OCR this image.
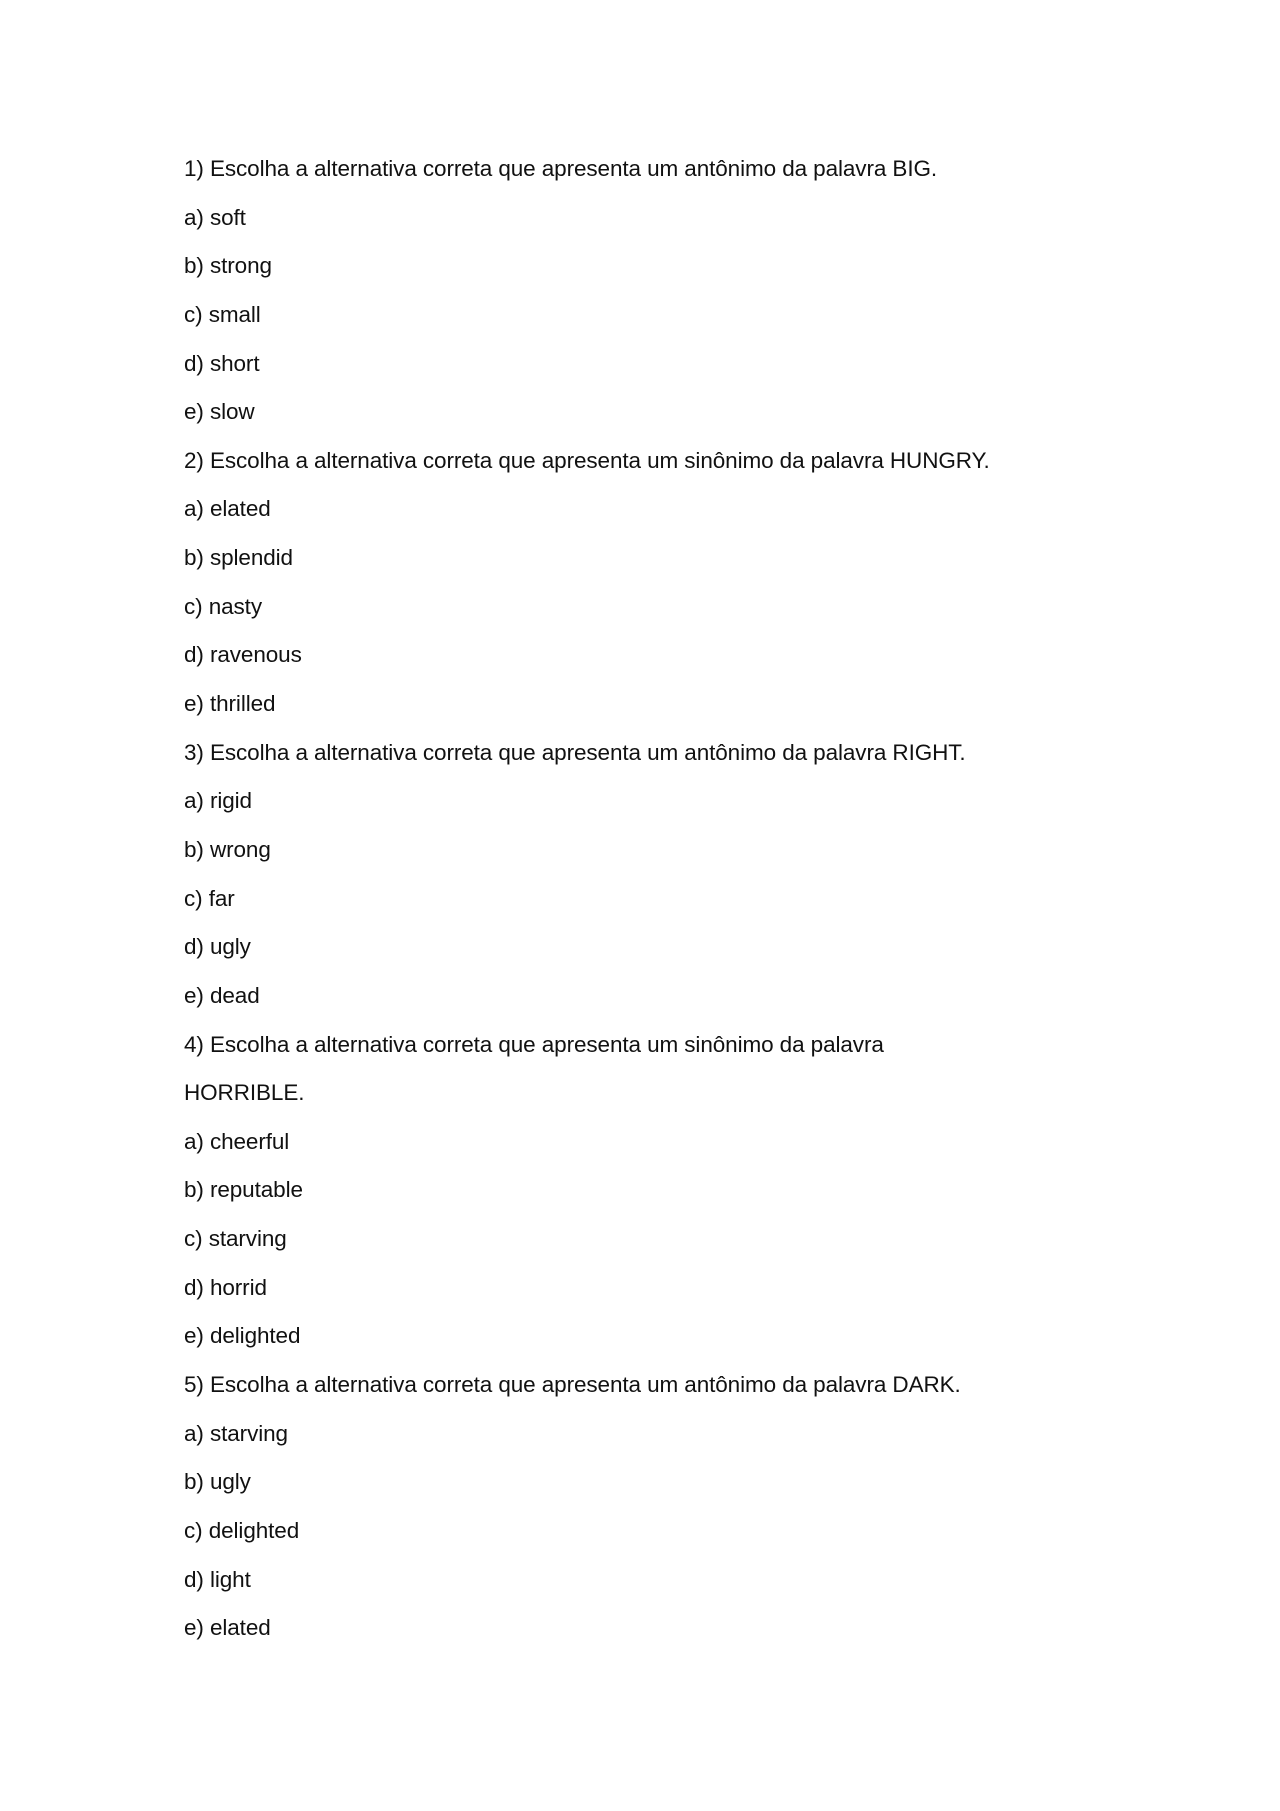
1) Escolha a alternativa correta que apresenta um antônimo da palavra BIG.
a) soft
b) strong
c) small
d) short
e) slow
2) Escolha a alternativa correta que apresenta um sinônimo da palavra HUNGRY.
a) elated
b) splendid
c) nasty
d) ravenous
e) thrilled
3) Escolha a alternativa correta que apresenta um antônimo da palavra RIGHT.
a) rigid
b) wrong
c) far
d) ugly
e) dead
4) Escolha a alternativa correta que apresenta um sinônimo da palavra
HORRIBLE.
a) cheerful
b) reputable
c) starving
d) horrid
e) delighted
5) Escolha a alternativa correta que apresenta um antônimo da palavra DARK.
a) starving
b) ugly
c) delighted
d) light
e) elated
